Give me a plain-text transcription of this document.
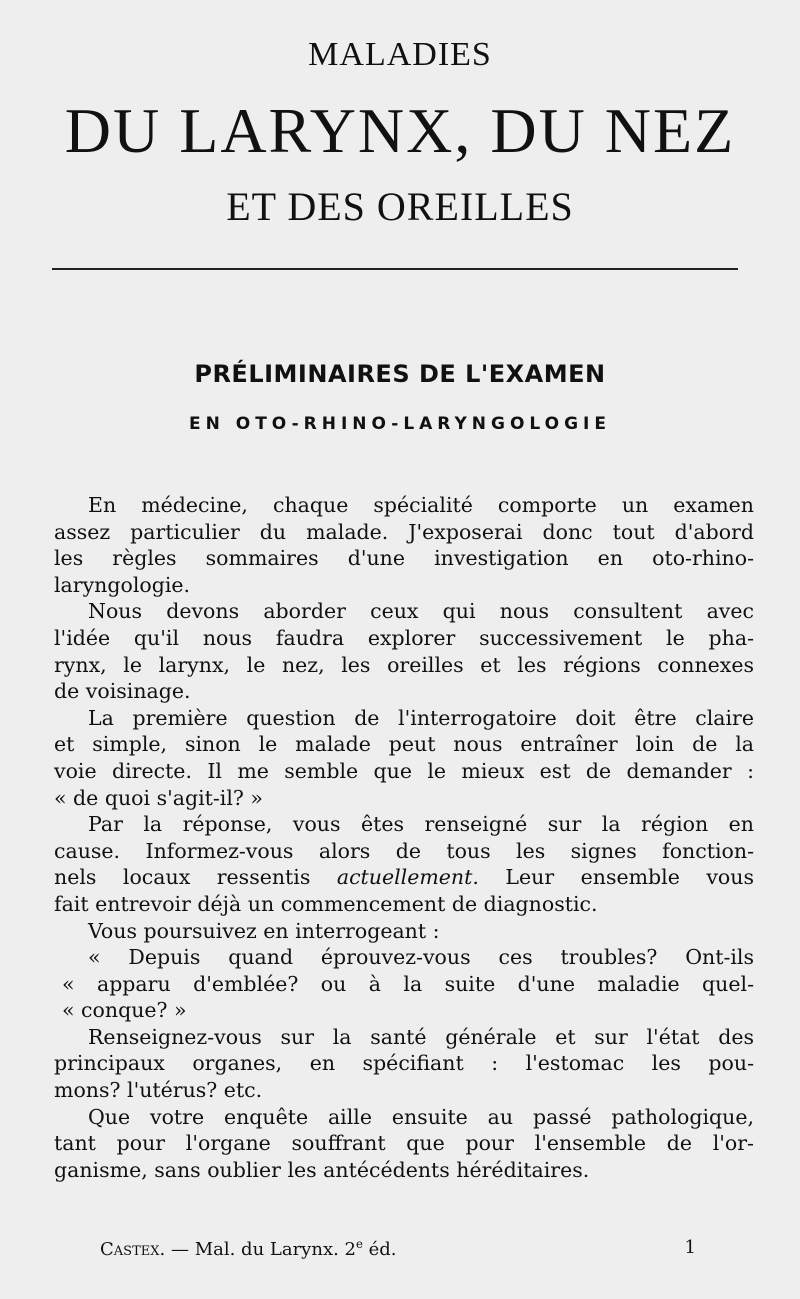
MALADIES
DU LARYNX, DU NEZ
ET DES OREILLES
PRÉLIMINAIRES DE L'EXAMEN
EN OTO-RHINO-LARYNGOLOGIE
En médecine, chaque spécialité comporte un examen
assez particulier du malade. J'exposerai donc tout d'abord
les règles sommaires d'une investigation en oto-rhino-
laryngologie.
Nous devons aborder ceux qui nous consultent avec
l'idée qu'il nous faudra explorer successivement le pha-
rynx, le larynx, le nez, les oreilles et les régions connexes
de voisinage.
La première question de l'interrogatoire doit être claire
et simple, sinon le malade peut nous entraîner loin de la
voie directe. Il me semble que le mieux est de demander :
« de quoi s'agit-il? »
Par la réponse, vous êtes renseigné sur la région en
cause. Informez-vous alors de tous les signes fonction-
nels locaux ressentis actuellement. Leur ensemble vous
fait entrevoir déjà un commencement de diagnostic.
Vous poursuivez en interrogeant :
« Depuis quand éprouvez-vous ces troubles? Ont-ils
« apparu d'emblée? ou à la suite d'une maladie quel-
« conque? »
Renseignez-vous sur la santé générale et sur l'état des
principaux organes, en spécifiant : l'estomac les pou-
mons? l'utérus? etc.
Que votre enquête aille ensuite au passé pathologique,
tant pour l'organe souffrant que pour l'ensemble de l'or-
ganisme, sans oublier les antécédents héréditaires.
Castex. — Mal. du Larynx. 2e éd.	1
